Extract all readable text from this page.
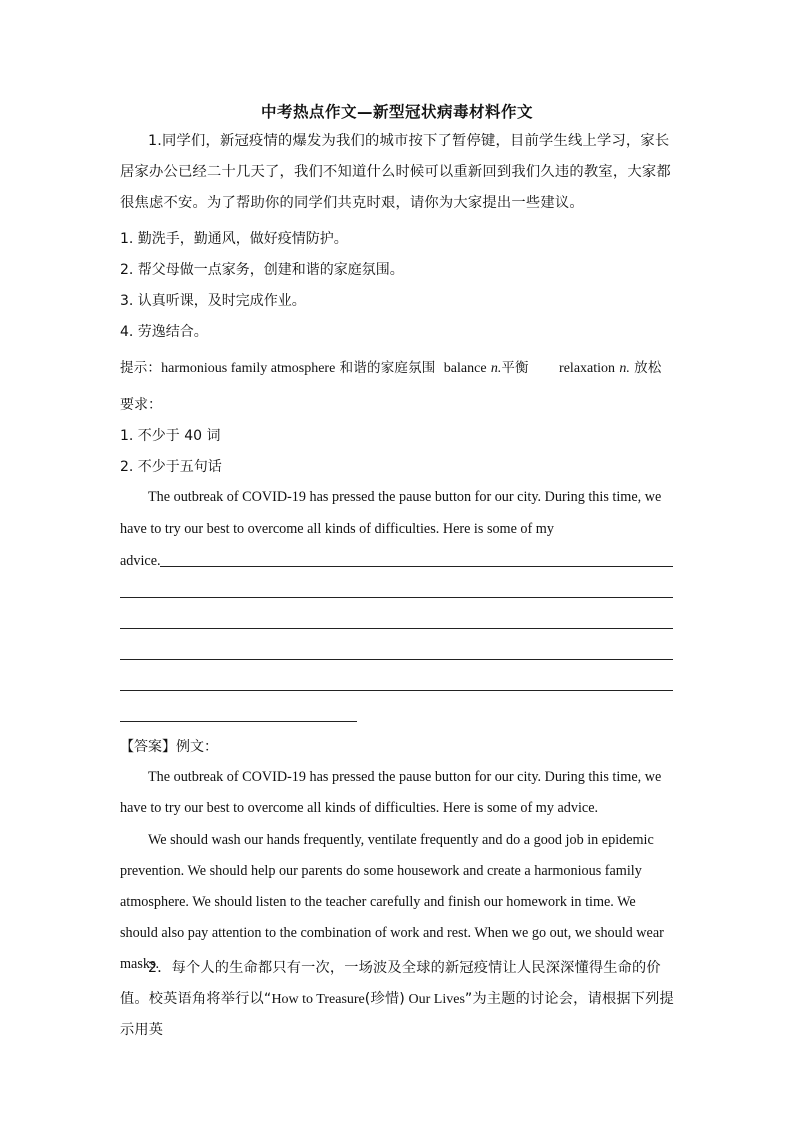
中考热点作文—新型冠状病毒材料作文
1.同学们，新冠疫情的爆发为我们的城市按下了暂停键，目前学生线上学习，家长居家办公已经二十几天了，我们不知道什么时候可以重新回到我们久违的教室，大家都很焦虑不安。为了帮助你的同学们共克时艰，请你为大家提出一些建议。
1. 勤洗手，勤通风，做好疫情防护。
2. 帮父母做一点家务，创建和谐的家庭氛围。
3. 认真听课，及时完成作业。
4. 劳逸结合。
提示：harmonious family atmosphere 和谐的家庭氛围 balance n.平衡 relaxation n. 放松
要求：
1. 不少于 40 词
2. 不少于五句话
The outbreak of COVID-19 has pressed the pause button for our city. During this time, we
have to try our best to overcome all kinds of difficulties. Here is some of my
advice.
【答案】例文：
The outbreak of COVID-19 has pressed the pause button for our city. During this time, we have to try our best to overcome all kinds of difficulties. Here is some of my advice.
We should wash our hands frequently, ventilate frequently and do a good job in epidemic prevention. We should help our parents do some housework and create a harmonious family atmosphere. We should listen to the teacher carefully and finish our homework in time. We should also pay attention to the combination of work and rest. When we go out, we should wear masks.
2．每个人的生命都只有一次，一场波及全球的新冠疫情让人民深深懂得生命的价值。校英语角将举行以“How to Treasure(珍惜) Our Lives”为主题的讨论会，请根据下列提示用英
